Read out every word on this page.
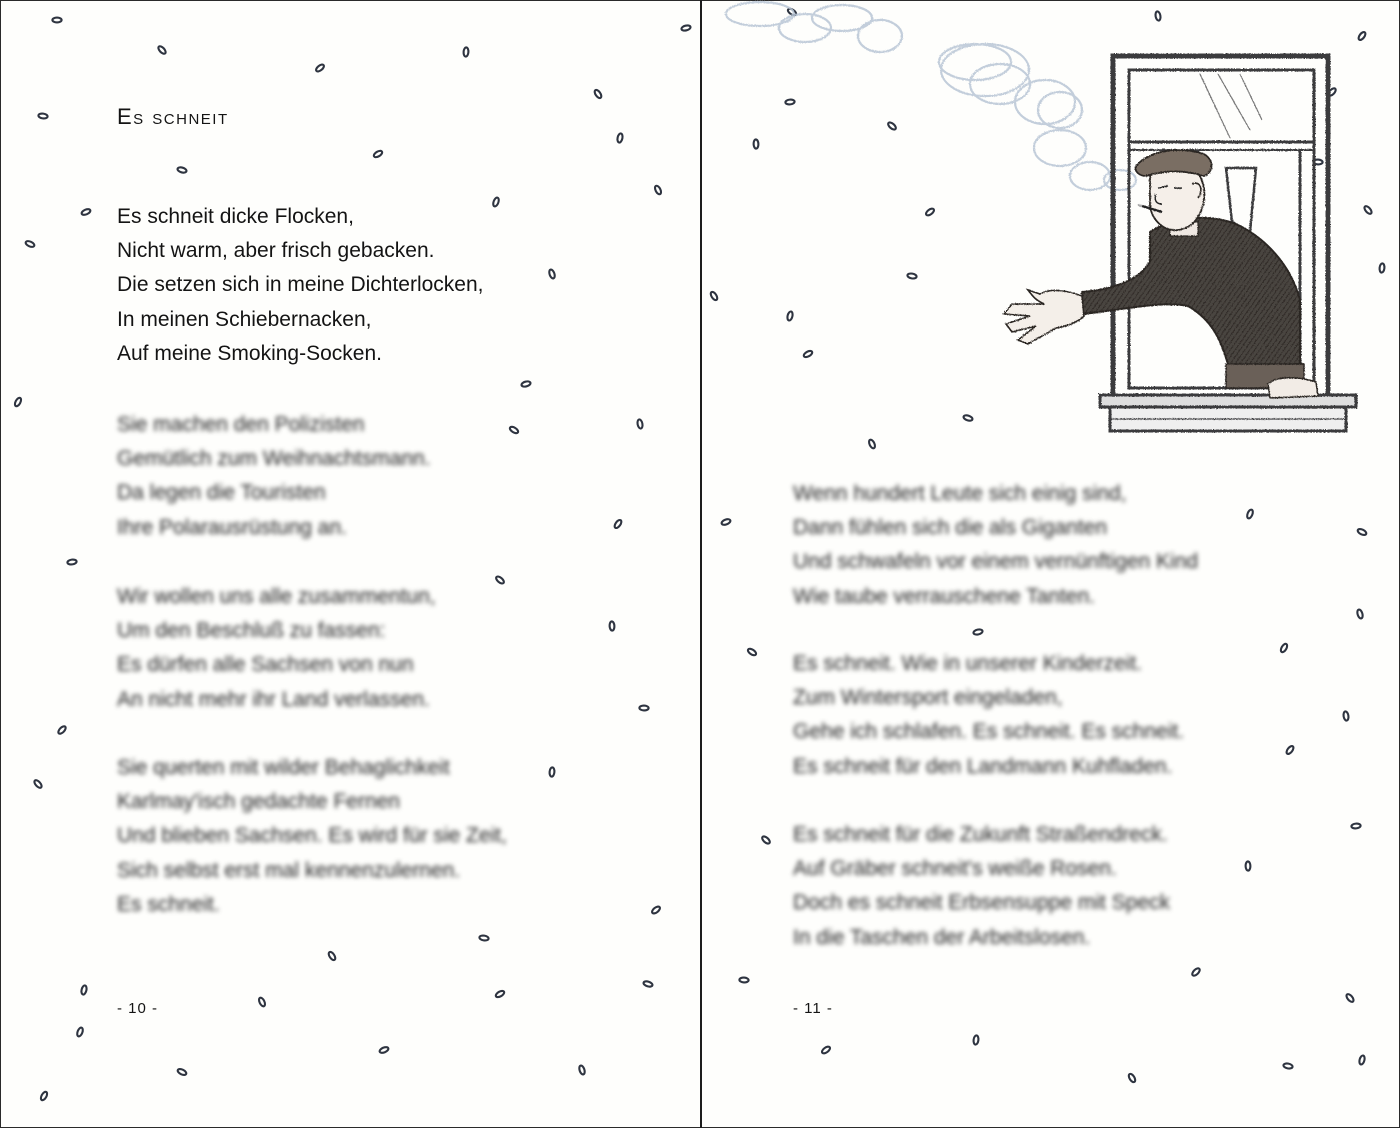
Es schneit
Es schneit dicke Flocken,
Nicht warm, aber frisch gebacken.
Die setzen sich in meine Dichterlocken,
In meinen Schiebernacken,
Auf meine Smoking-Socken.
Sie machen den Polizisten
Gemütlich zum Weihnachtsmann.
Da legen die Touristen
Ihre Polarausrüstung an.
Wir wollen uns alle zusammentun,
Um den Beschluß zu fassen:
Es dürfen alle Sachsen von nun
An nicht mehr ihr Land verlassen.
Sie querten mit wilder Behaglichkeit
Karlmay'isch gedachte Fernen
Und blieben Sachsen. Es wird für sie Zeit,
Sich selbst erst mal kennenzulernen.
Es schneit.
- 10 -
Wenn hundert Leute sich einig sind,
Dann fühlen sich die als Giganten
Und schwafeln vor einem vernünftigen Kind
Wie taube verrauschene Tanten.
Es schneit. Wie in unserer Kinderzeit.
Zum Wintersport eingeladen,
Gehe ich schlafen. Es schneit. Es schneit.
Es schneit für den Landmann Kuhfladen.
Es schneit für die Zukunft Straßendreck.
Auf Gräber schneit's weiße Rosen.
Doch es schneit Erbsensuppe mit Speck
In die Taschen der Arbeitslosen.
- 11 -
